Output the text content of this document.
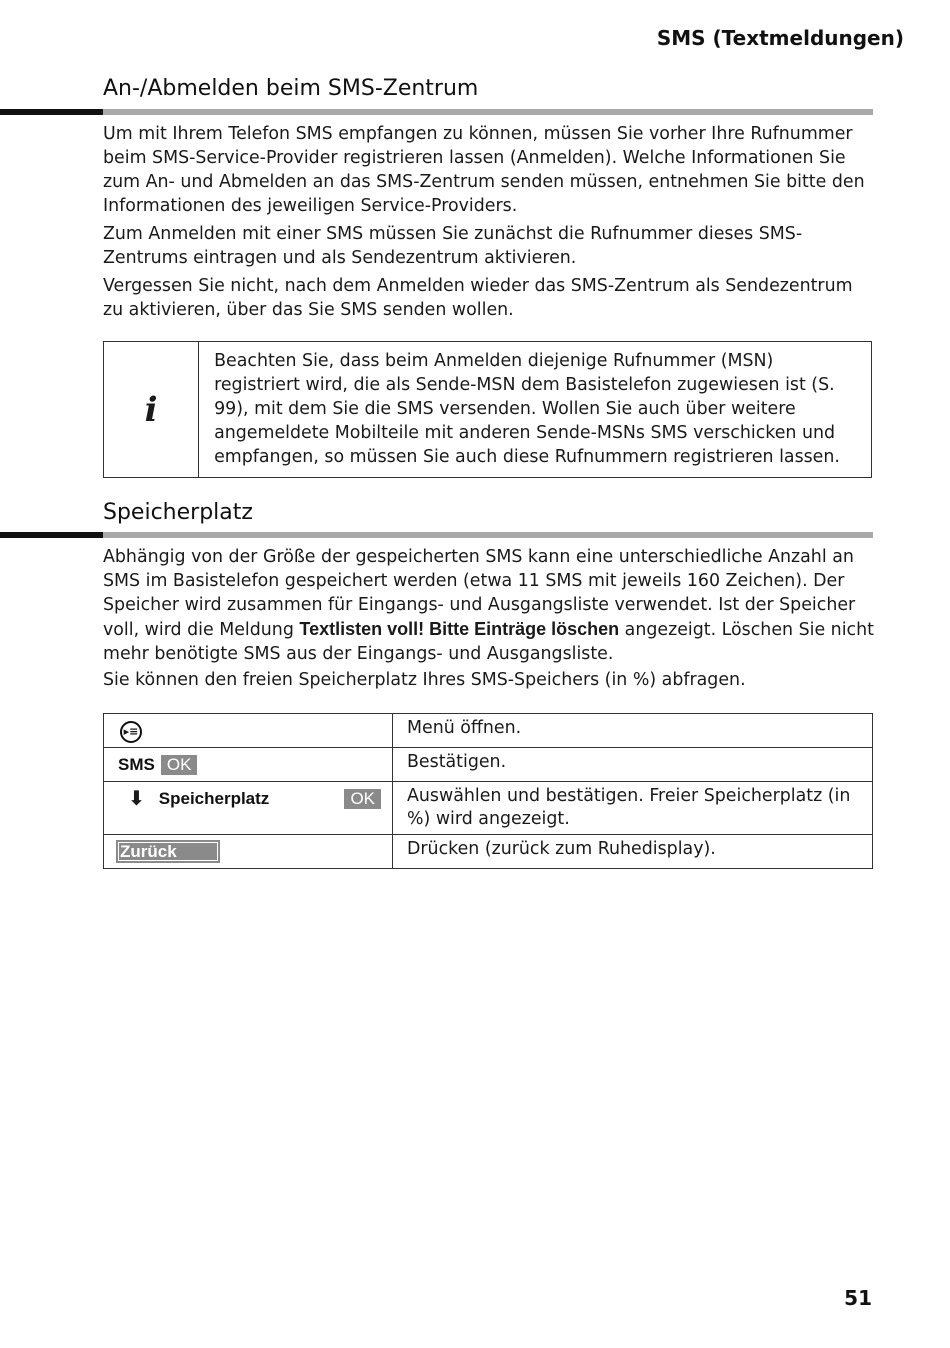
SMS (Textmeldungen)
An-/Abmelden beim SMS-Zentrum

Um mit Ihrem Telefon SMS empfangen zu können, müssen Sie vorher Ihre Rufnummer beim SMS-Service-Provider registrieren lassen (Anmelden). Welche Informationen Sie zum An- und Abmelden an das SMS-Zentrum senden müssen, entnehmen Sie bitte den Informationen des jeweiligen Service-Providers.

Zum Anmelden mit einer SMS müssen Sie zunächst die Rufnummer dieses SMS-Zentrums eintragen und als Sendezentrum aktivieren.

Vergessen Sie nicht, nach dem Anmelden wieder das SMS-Zentrum als Sendezentrum zu aktivieren, über das Sie SMS senden wollen.

i
Beachten Sie, dass beim Anmelden diejenige Rufnummer (MSN) registriert wird, die als Sende-MSN dem Basistelefon zugewiesen ist (S. 99), mit dem Sie die SMS versenden. Wollen Sie auch über weitere angemeldete Mobilteile mit anderen Sende-MSNs SMS verschicken und empfangen, so müssen Sie auch diese Rufnummern registrieren lassen.
Speicherplatz

Abhängig von der Größe der gespeicherten SMS kann eine unterschiedliche Anzahl an SMS im Basistelefon gespeichert werden (etwa 11 SMS mit jeweils 160 Zeichen). Der Speicher wird zusammen für Eingangs- und Ausgangsliste verwendet. Ist der Speicher voll, wird die Meldung Textlisten voll! Bitte Einträge löschen angezeigt. Löschen Sie nicht mehr benötigte SMS aus der Eingangs- und Ausgangsliste.

Sie können den freien Speicherplatz Ihres SMS-Speichers (in %) abfragen.

▸≡	Menü öffnen.

SMS OK	Bestätigen.

⬇ Speicherplatz OK	Auswählen und bestätigen. Freier Speicherplatz (in %) wird angezeigt.

Zurück	Drücken (zurück zum Ruhedisplay).
51
